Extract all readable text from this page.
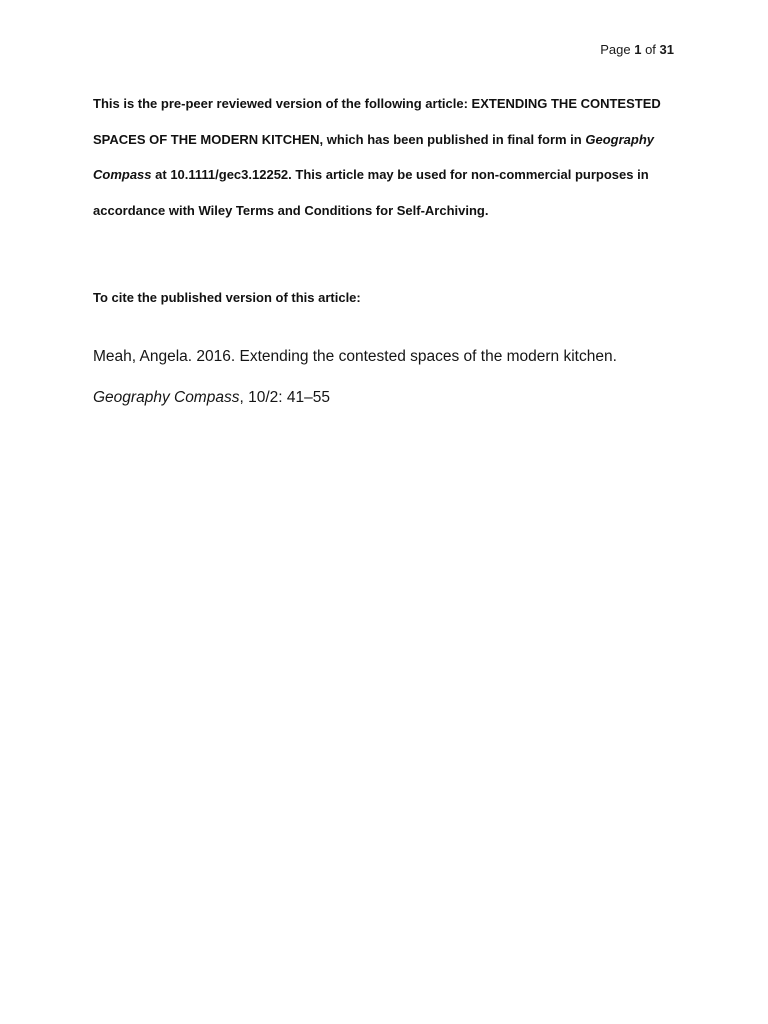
Page 1 of 31

This is the pre-peer reviewed version of the following article: EXTENDING THE CONTESTED SPACES OF THE MODERN KITCHEN, which has been published in final form in Geography Compass at 10.1111/gec3.12252. This article may be used for non-commercial purposes in accordance with Wiley Terms and Conditions for Self-Archiving.

To cite the published version of this article:

Meah, Angela. 2016. Extending the contested spaces of the modern kitchen.
Geography Compass, 10/2: 41–55
